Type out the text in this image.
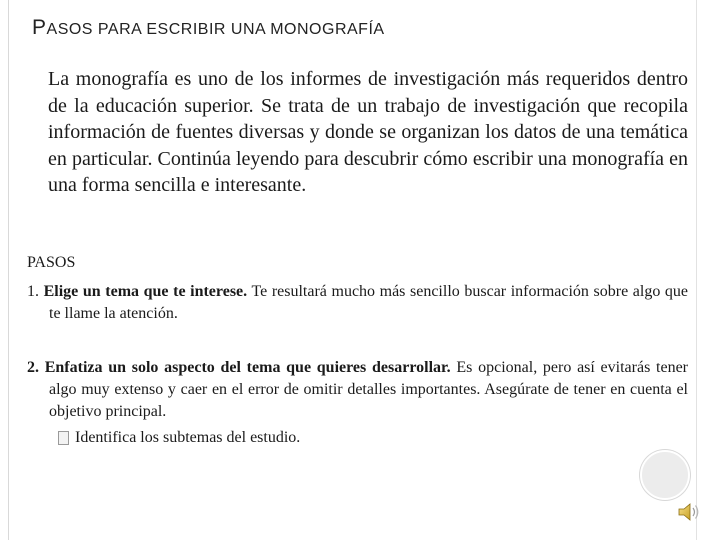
PASOS PARA ESCRIBIR UNA MONOGRAFÍA

La monografía es uno de los informes de investigación más requeridos dentro de la educación superior. Se trata de un trabajo de investigación que recopila información de fuentes diversas y donde se organizan los datos de una temática en particular. Continúa leyendo para descubrir cómo escribir una monografía en una forma sencilla e interesante.

PASOS

1. Elige un tema que te interese. Te resultará mucho más sencillo buscar información sobre algo que te llame la atención.

2. Enfatiza un solo aspecto del tema que quieres desarrollar. Es opcional, pero así evitarás tener algo muy extenso y caer en el error de omitir detalles importantes. Asegúrate de tener en cuenta el objetivo principal.

Identifica los subtemas del estudio.
